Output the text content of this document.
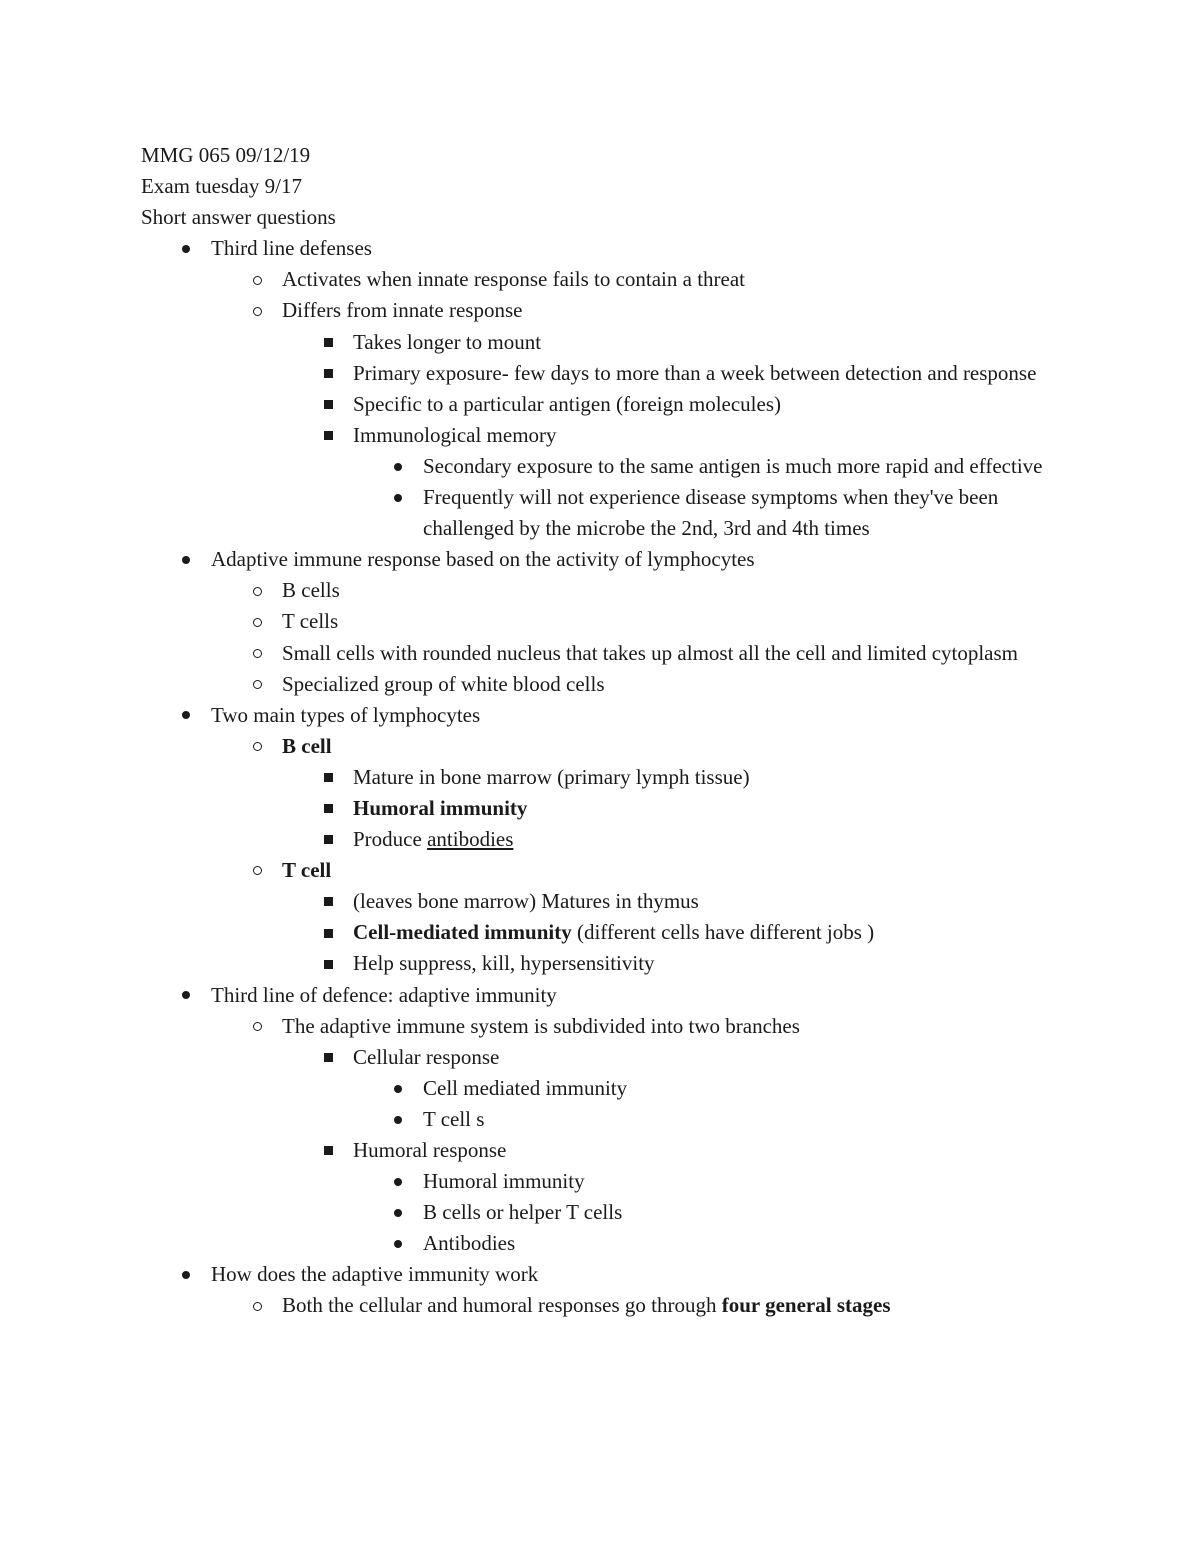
MMG 065 09/12/19
Exam tuesday 9/17
Short answer questions
Third line defenses
Activates when innate response fails to contain a threat
Differs from innate response
Takes longer to mount
Primary exposure- few days to more than a week between detection and response
Specific to a particular antigen (foreign molecules)
Immunological memory
Secondary exposure to the same antigen is much more rapid and effective
Frequently will not experience disease symptoms when they've been challenged by the microbe the 2nd, 3rd and 4th times
Adaptive immune response based on the activity of lymphocytes
B cells
T cells
Small cells with rounded nucleus that takes up almost all the cell and limited cytoplasm
Specialized group of white blood cells
Two main types of lymphocytes
B cell
Mature in bone marrow (primary lymph tissue)
Humoral immunity
Produce antibodies
T cell
(leaves bone marrow) Matures in thymus
Cell-mediated immunity (different cells have different jobs )
Help suppress, kill, hypersensitivity
Third line of defence: adaptive immunity
The adaptive immune system is subdivided into two branches
Cellular response
Cell mediated immunity
T cell s
Humoral response
Humoral immunity
B cells or helper T cells
Antibodies
How does the adaptive immunity work
Both the cellular and humoral responses go through four general stages
